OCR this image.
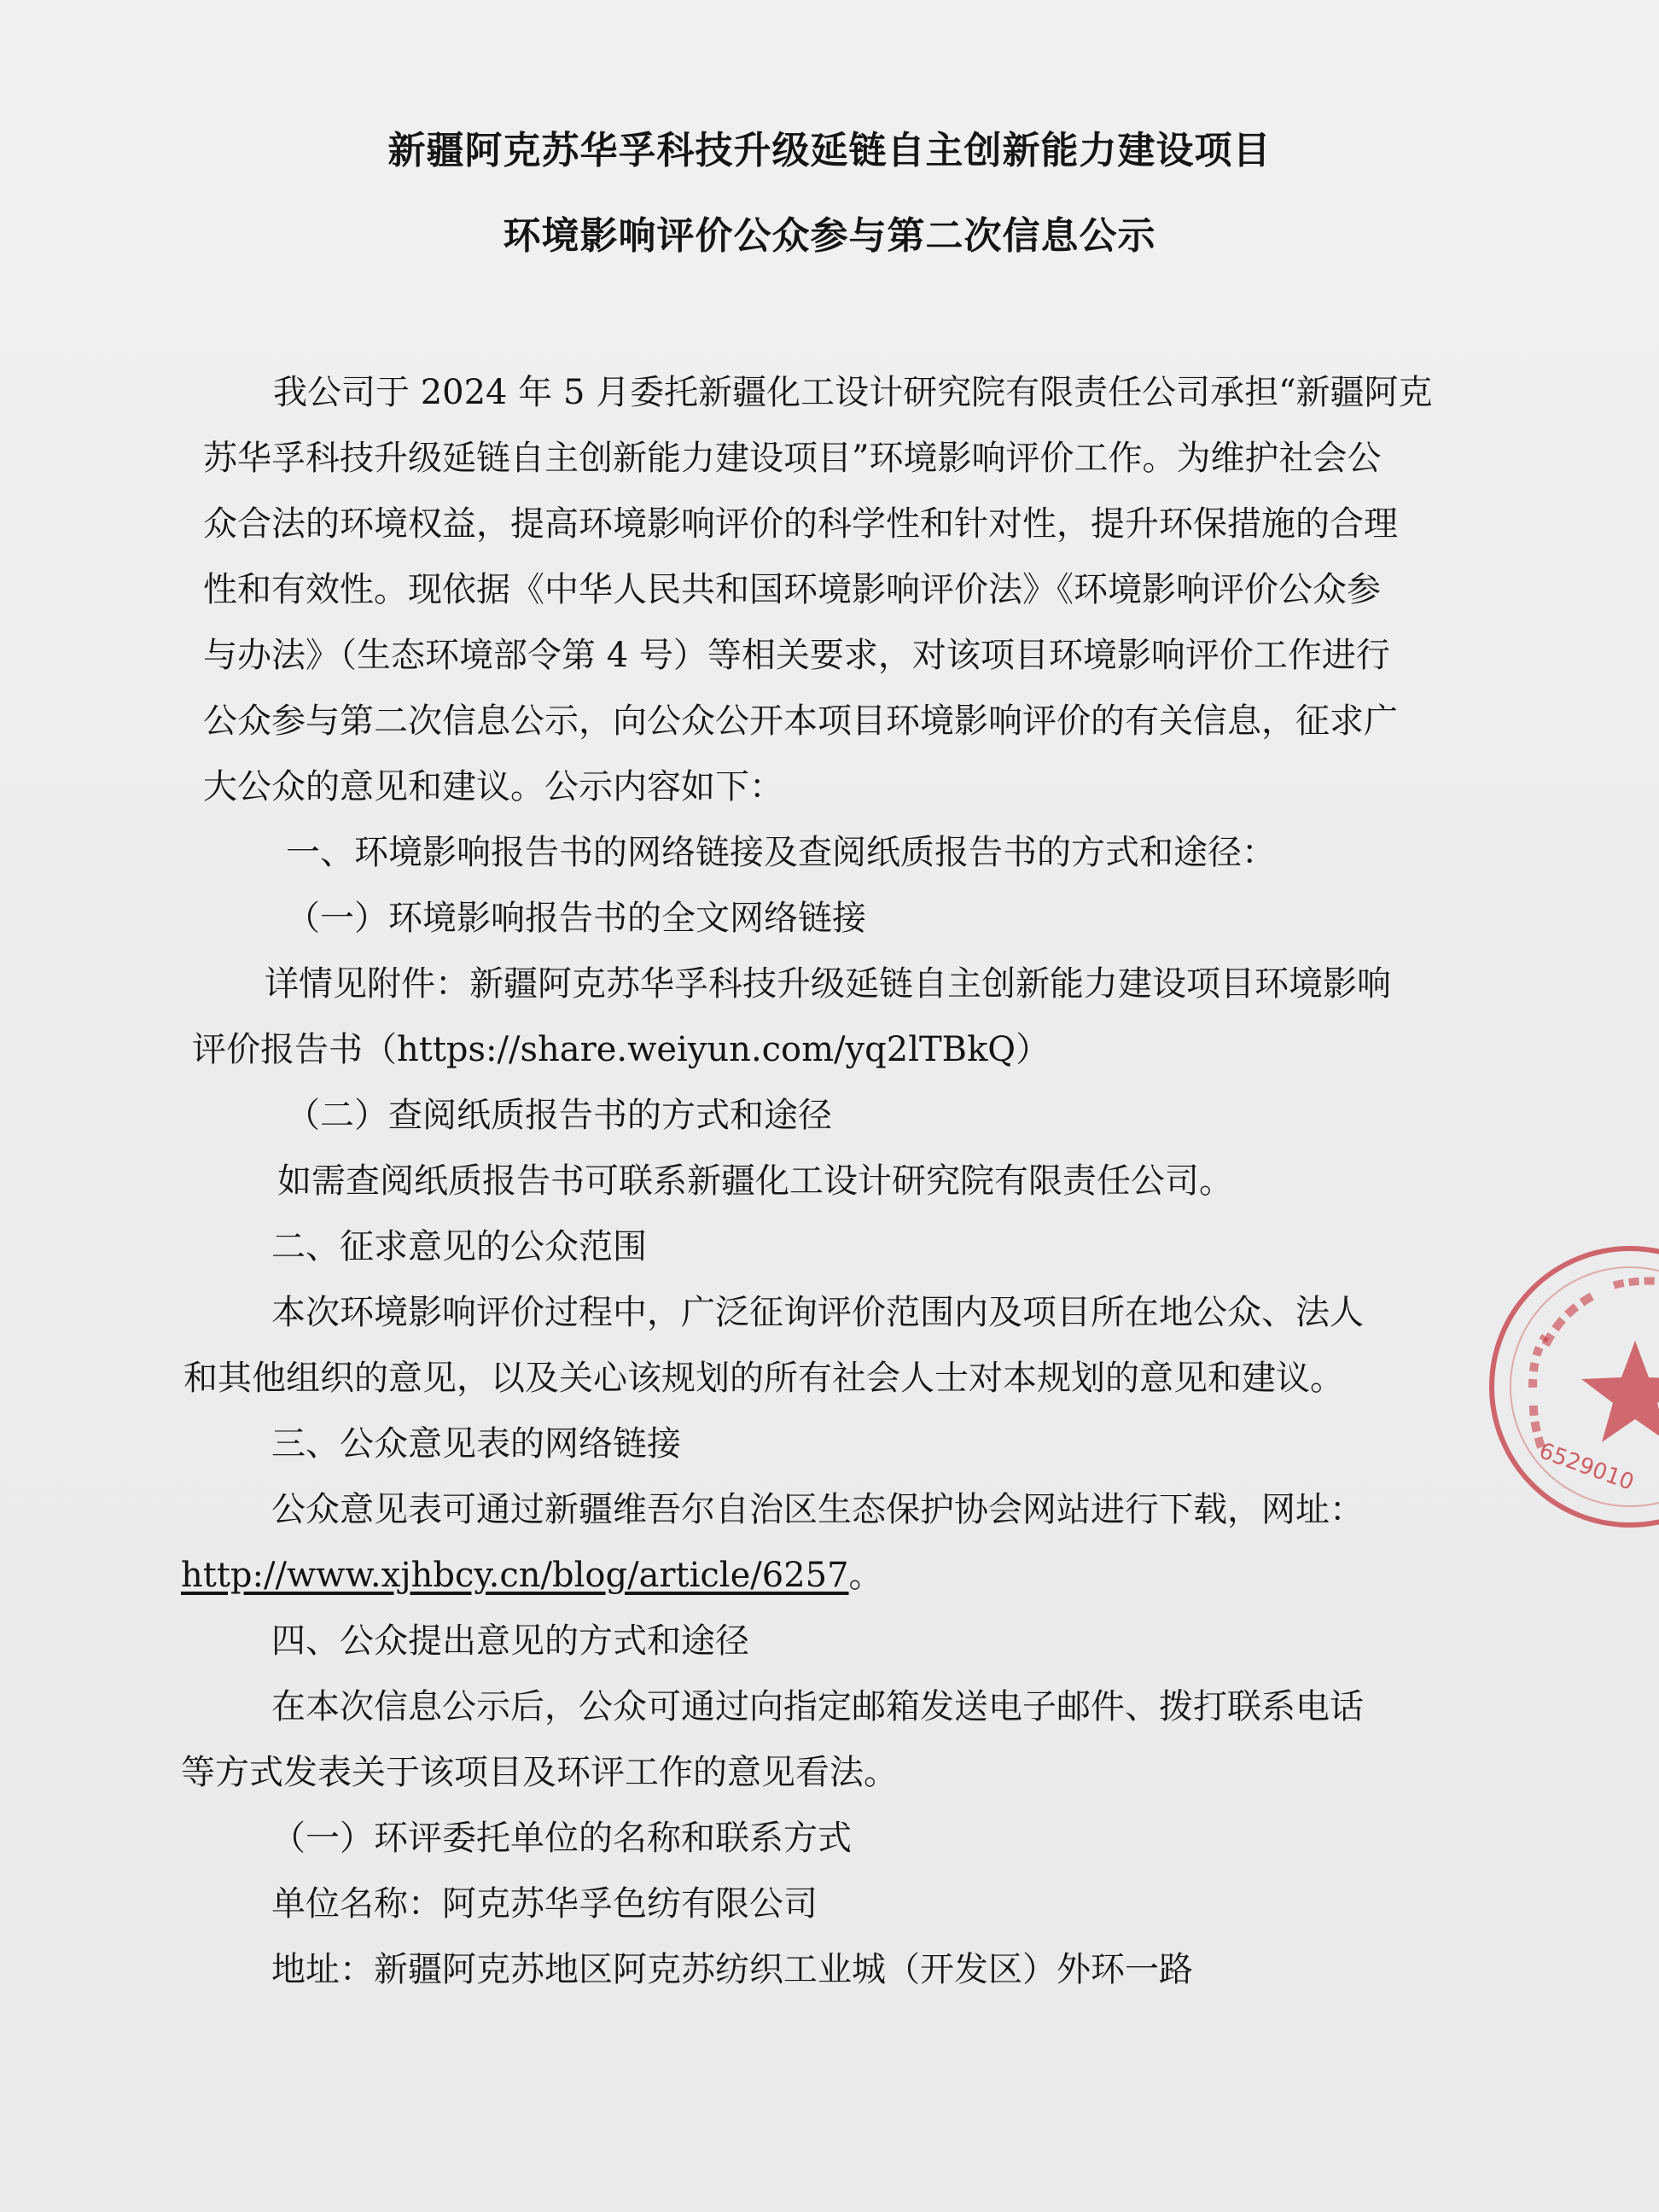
新疆阿克苏华孚科技升级延链自主创新能力建设项目
环境影响评价公众参与第二次信息公示
我公司于 2024 年 5 月委托新疆化工设计研究院有限责任公司承担“新疆阿克
苏华孚科技升级延链自主创新能力建设项目”环境影响评价工作。为维护社会公
众合法的环境权益，提高环境影响评价的科学性和针对性，提升环保措施的合理
性和有效性。现依据《中华人民共和国环境影响评价法》《环境影响评价公众参
与办法》（生态环境部令第 4 号）等相关要求，对该项目环境影响评价工作进行
公众参与第二次信息公示，向公众公开本项目环境影响评价的有关信息，征求广
大公众的意见和建议。公示内容如下：
一、环境影响报告书的网络链接及查阅纸质报告书的方式和途径：
（一）环境影响报告书的全文网络链接
详情见附件：新疆阿克苏华孚科技升级延链自主创新能力建设项目环境影响
评价报告书（https://share.weiyun.com/yq2lTBkQ）
（二）查阅纸质报告书的方式和途径
如需查阅纸质报告书可联系新疆化工设计研究院有限责任公司。
二、征求意见的公众范围
本次环境影响评价过程中，广泛征询评价范围内及项目所在地公众、法人
和其他组织的意见，以及关心该规划的所有社会人士对本规划的意见和建议。
三、公众意见表的网络链接
公众意见表可通过新疆维吾尔自治区生态保护协会网站进行下载，网址：
http://www.xjhbcy.cn/blog/article/6257。
四、公众提出意见的方式和途径
在本次信息公示后，公众可通过向指定邮箱发送电子邮件、拨打联系电话
等方式发表关于该项目及环评工作的意见看法。
（一）环评委托单位的名称和联系方式
单位名称：阿克苏华孚色纺有限公司
地址：新疆阿克苏地区阿克苏纺织工业城（开发区）外环一路
6529010
